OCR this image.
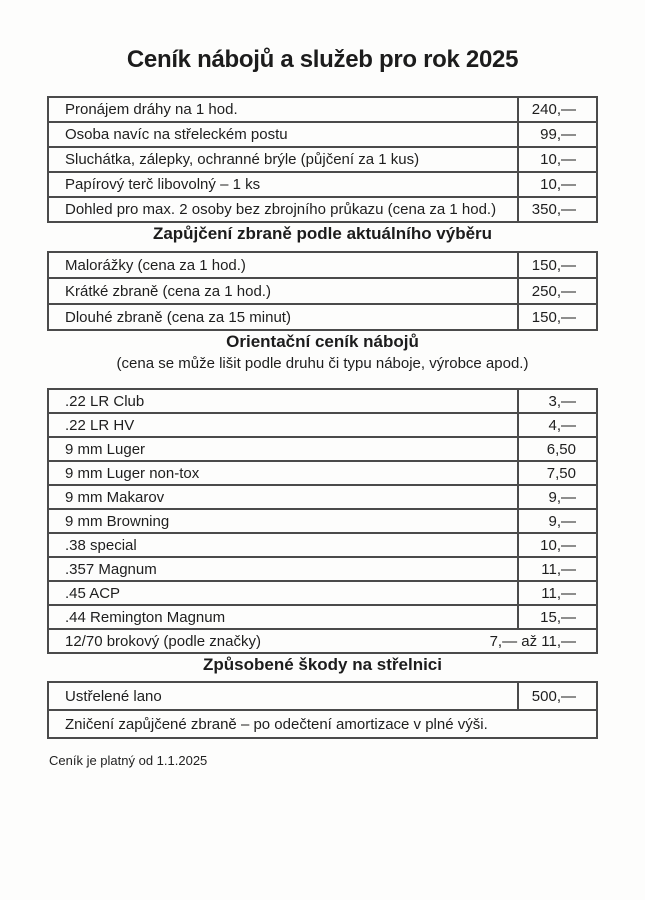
Ceník nábojů a služeb pro rok 2025
Pronájem dráhy na 1 hod.	240,—
Osoba navíc na střeleckém postu	99,—
Sluchátka, zálepky, ochranné brýle (půjčení za 1 kus)	10,—
Papírový terč libovolný – 1 ks	10,—
Dohled pro max. 2 osoby bez zbrojního průkazu (cena za 1 hod.)	350,—
Zapůjčení zbraně podle aktuálního výběru
Malorážky (cena za 1 hod.)	150,—
Krátké zbraně (cena za 1 hod.)	250,—
Dlouhé zbraně (cena za 15 minut)	150,—
Orientační ceník nábojů
(cena se může lišit podle druhu či typu náboje, výrobce apod.)
.22 LR Club	3,—
.22 LR HV	4,—
9 mm Luger	6,50
9 mm Luger non-tox	7,50
9 mm Makarov	9,—
9 mm Browning	9,—
.38 special	10,—
.357 Magnum	11,—
.45 ACP	11,—
.44 Remington Magnum	15,—

12/70 brokový (podle značky) 7,— až 11,—	
Způsobené škody na střelnici
Ustřelené lano	500,—

Zničení zapůjčené zbraně – po odečtení amortizace v plné výši.
Ceník je platný od 1.1.2025
